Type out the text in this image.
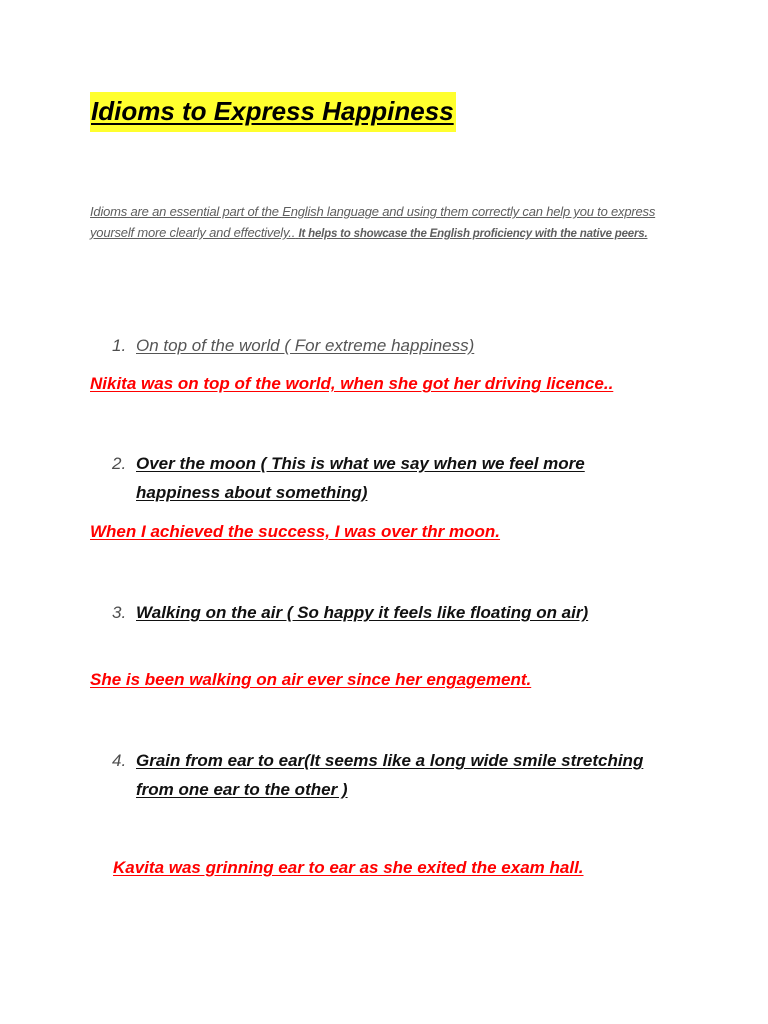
Idioms to Express Happiness

Idioms are an essential part of the English language and using them correctly can help you to express yourself more clearly and effectively.. It helps to showcase the English proficiency with the native peers.

1. On top of the world ( For extreme happiness)

Nikita was on top of the world, when she got her driving licence..

2. Over the moon ( This is what we say when we feel more happiness about something)

When I achieved the success, I was over thr moon.

3. Walking on the air ( So happy it feels like floating on air)

She is been walking on air ever since her engagement.

4. Grain from ear to ear(It seems like a long wide smile stretching from one ear to the other )

Kavita was grinning ear to ear as she exited the exam hall.
